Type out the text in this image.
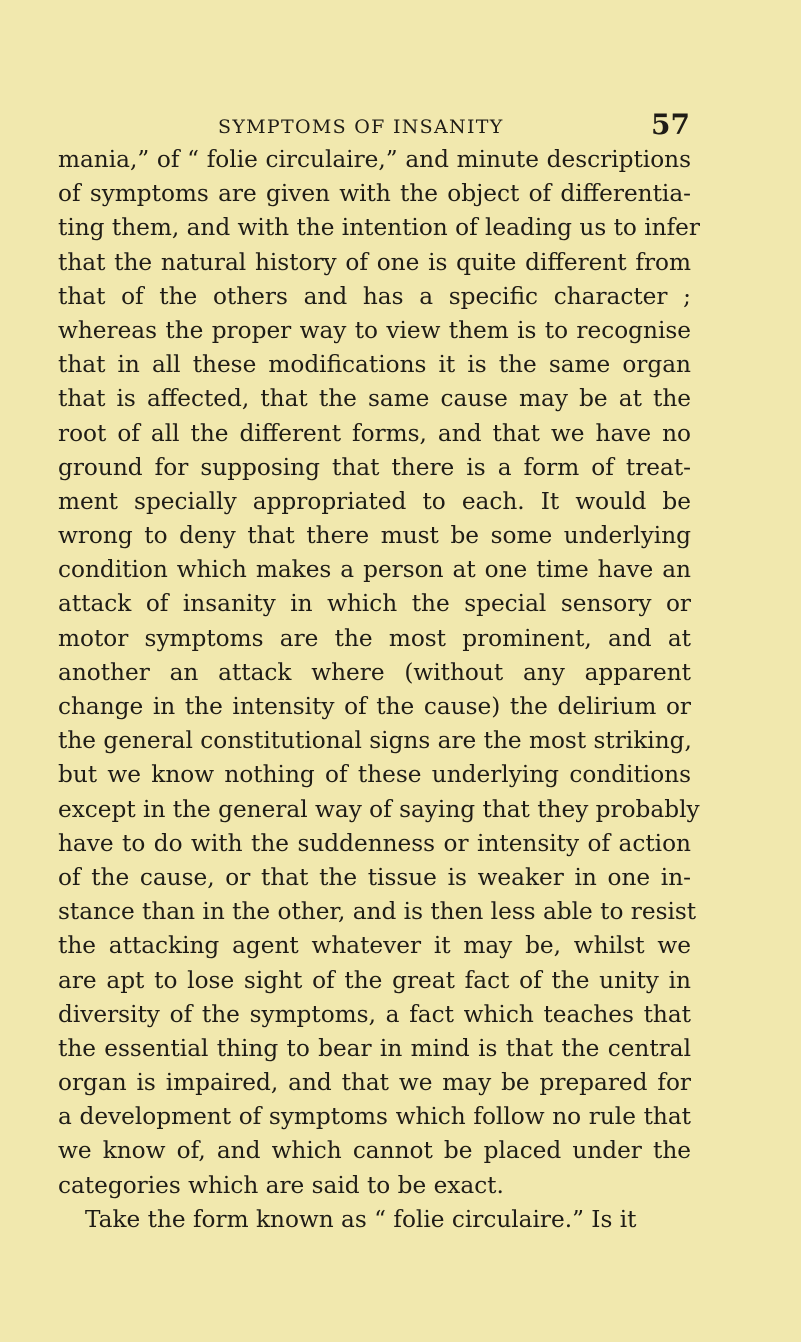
SYMPTOMS OF INSANITY	57
mania,” of “ folie circulaire,” and minute descriptions
of symptoms are given with the object of differentia-
ting them, and with the intention of leading us to infer
that the natural history of one is quite different from
that of the others and has a specific character ;
whereas the proper way to view them is to recognise
that in all these modifications it is the same organ
that is affected, that the same cause may be at the
root of all the different forms, and that we have no
ground for supposing that there is a form of treat-
ment specially appropriated to each. It would be
wrong to deny that there must be some underlying
condition which makes a person at one time have an
attack of insanity in which the special sensory or
motor symptoms are the most prominent, and at
another an attack where (without any apparent
change in the intensity of the cause) the delirium or
the general constitutional signs are the most striking,
but we know nothing of these underlying conditions
except in the general way of saying that they probably
have to do with the suddenness or intensity of action
of the cause, or that the tissue is weaker in one in-
stance than in the other, and is then less able to resist
the attacking agent whatever it may be, whilst we
are apt to lose sight of the great fact of the unity in
diversity of the symptoms, a fact which teaches that
the essential thing to bear in mind is that the central
organ is impaired, and that we may be prepared for
a development of symptoms which follow no rule that
we know of, and which cannot be placed under the
categories which are said to be exact.
Take the form known as “ folie circulaire.” Is it
